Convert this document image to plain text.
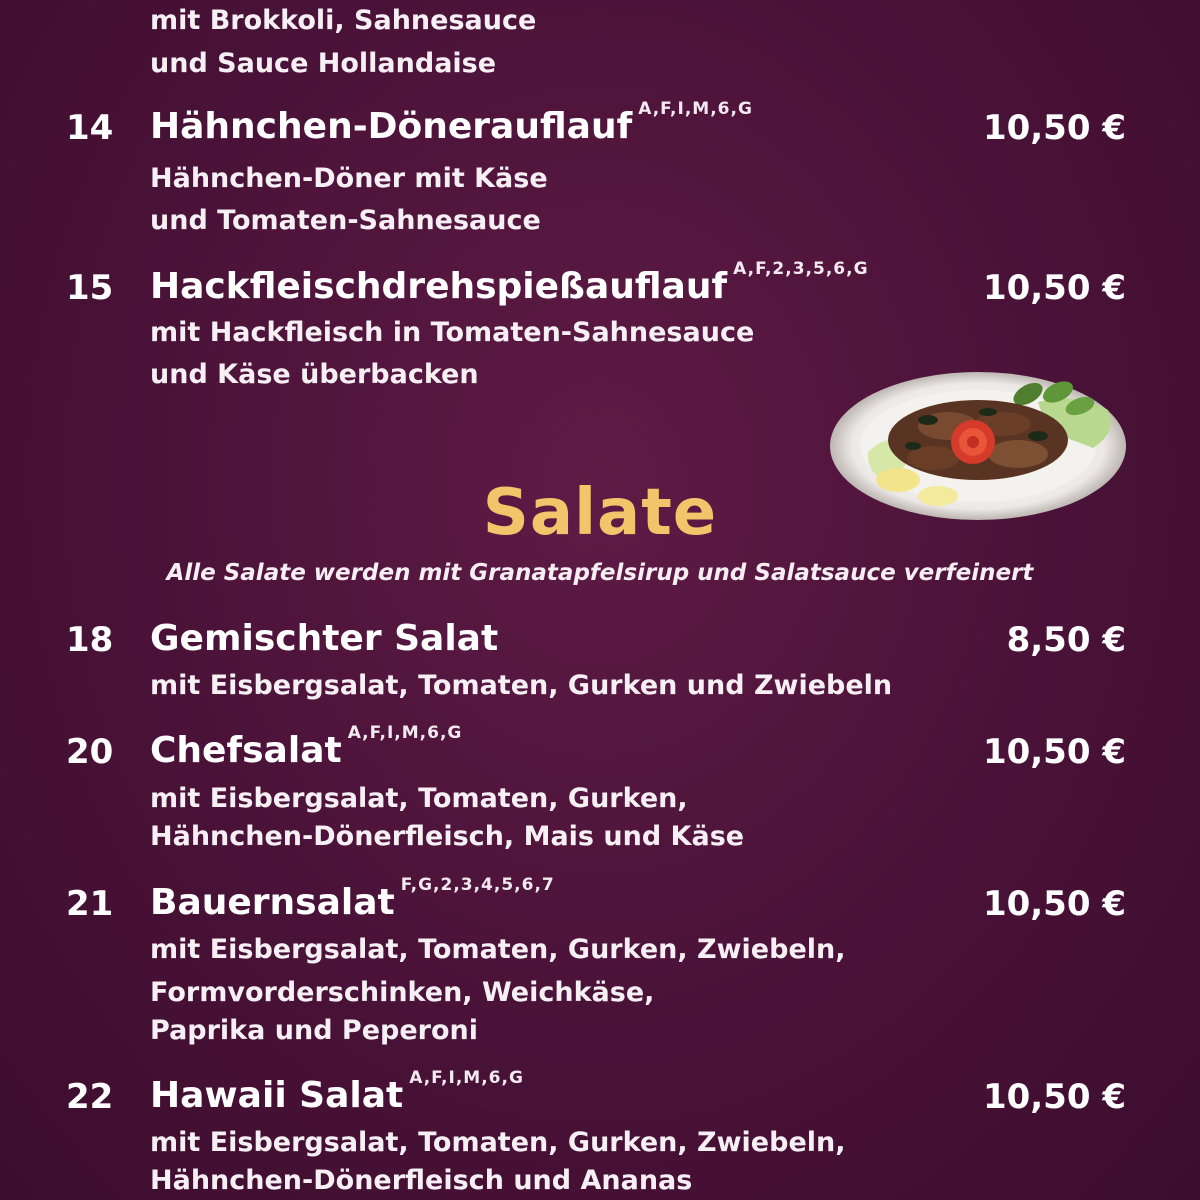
mit Brokkoli, Sahnesauce
und Sauce Hollandaise
14 Hähnchen-Dönerauflauf $^{A,F,I,M,6,G}$	10,50 €
Hähnchen-Döner mit Käse
und Tomaten-Sahnesauce
15 Hackfleischdrehspießauflauf $^{A,F,2,3,5,6,G}$	10,50 €
mit Hackfleisch in Tomaten-Sahnesauce
und Käse überbacken
Salate
Alle Salate werden mit Granatapfelsirup und Salatsauce verfeinert
18 Gemischter Salat	8,50 €
mit Eisbergsalat, Tomaten, Gurken und Zwiebeln
20 Chefsalat $^{A,F,I,M,6,G}$	10,50 €
mit Eisbergsalat, Tomaten, Gurken,
Hähnchen-Dönerfleisch, Mais und Käse
21 Bauernsalat $^{F,G,2,3,4,5,6,7}$	10,50 €
mit Eisbergsalat, Tomaten, Gurken, Zwiebeln,
Formvorderschinken, Weichkäse,
Paprika und Peperoni
22 Hawaii Salat $^{A,F,I,M,6,G}$	10,50 €
mit Eisbergsalat, Tomaten, Gurken, Zwiebeln,
Hähnchen-Dönerfleisch und Ananas
